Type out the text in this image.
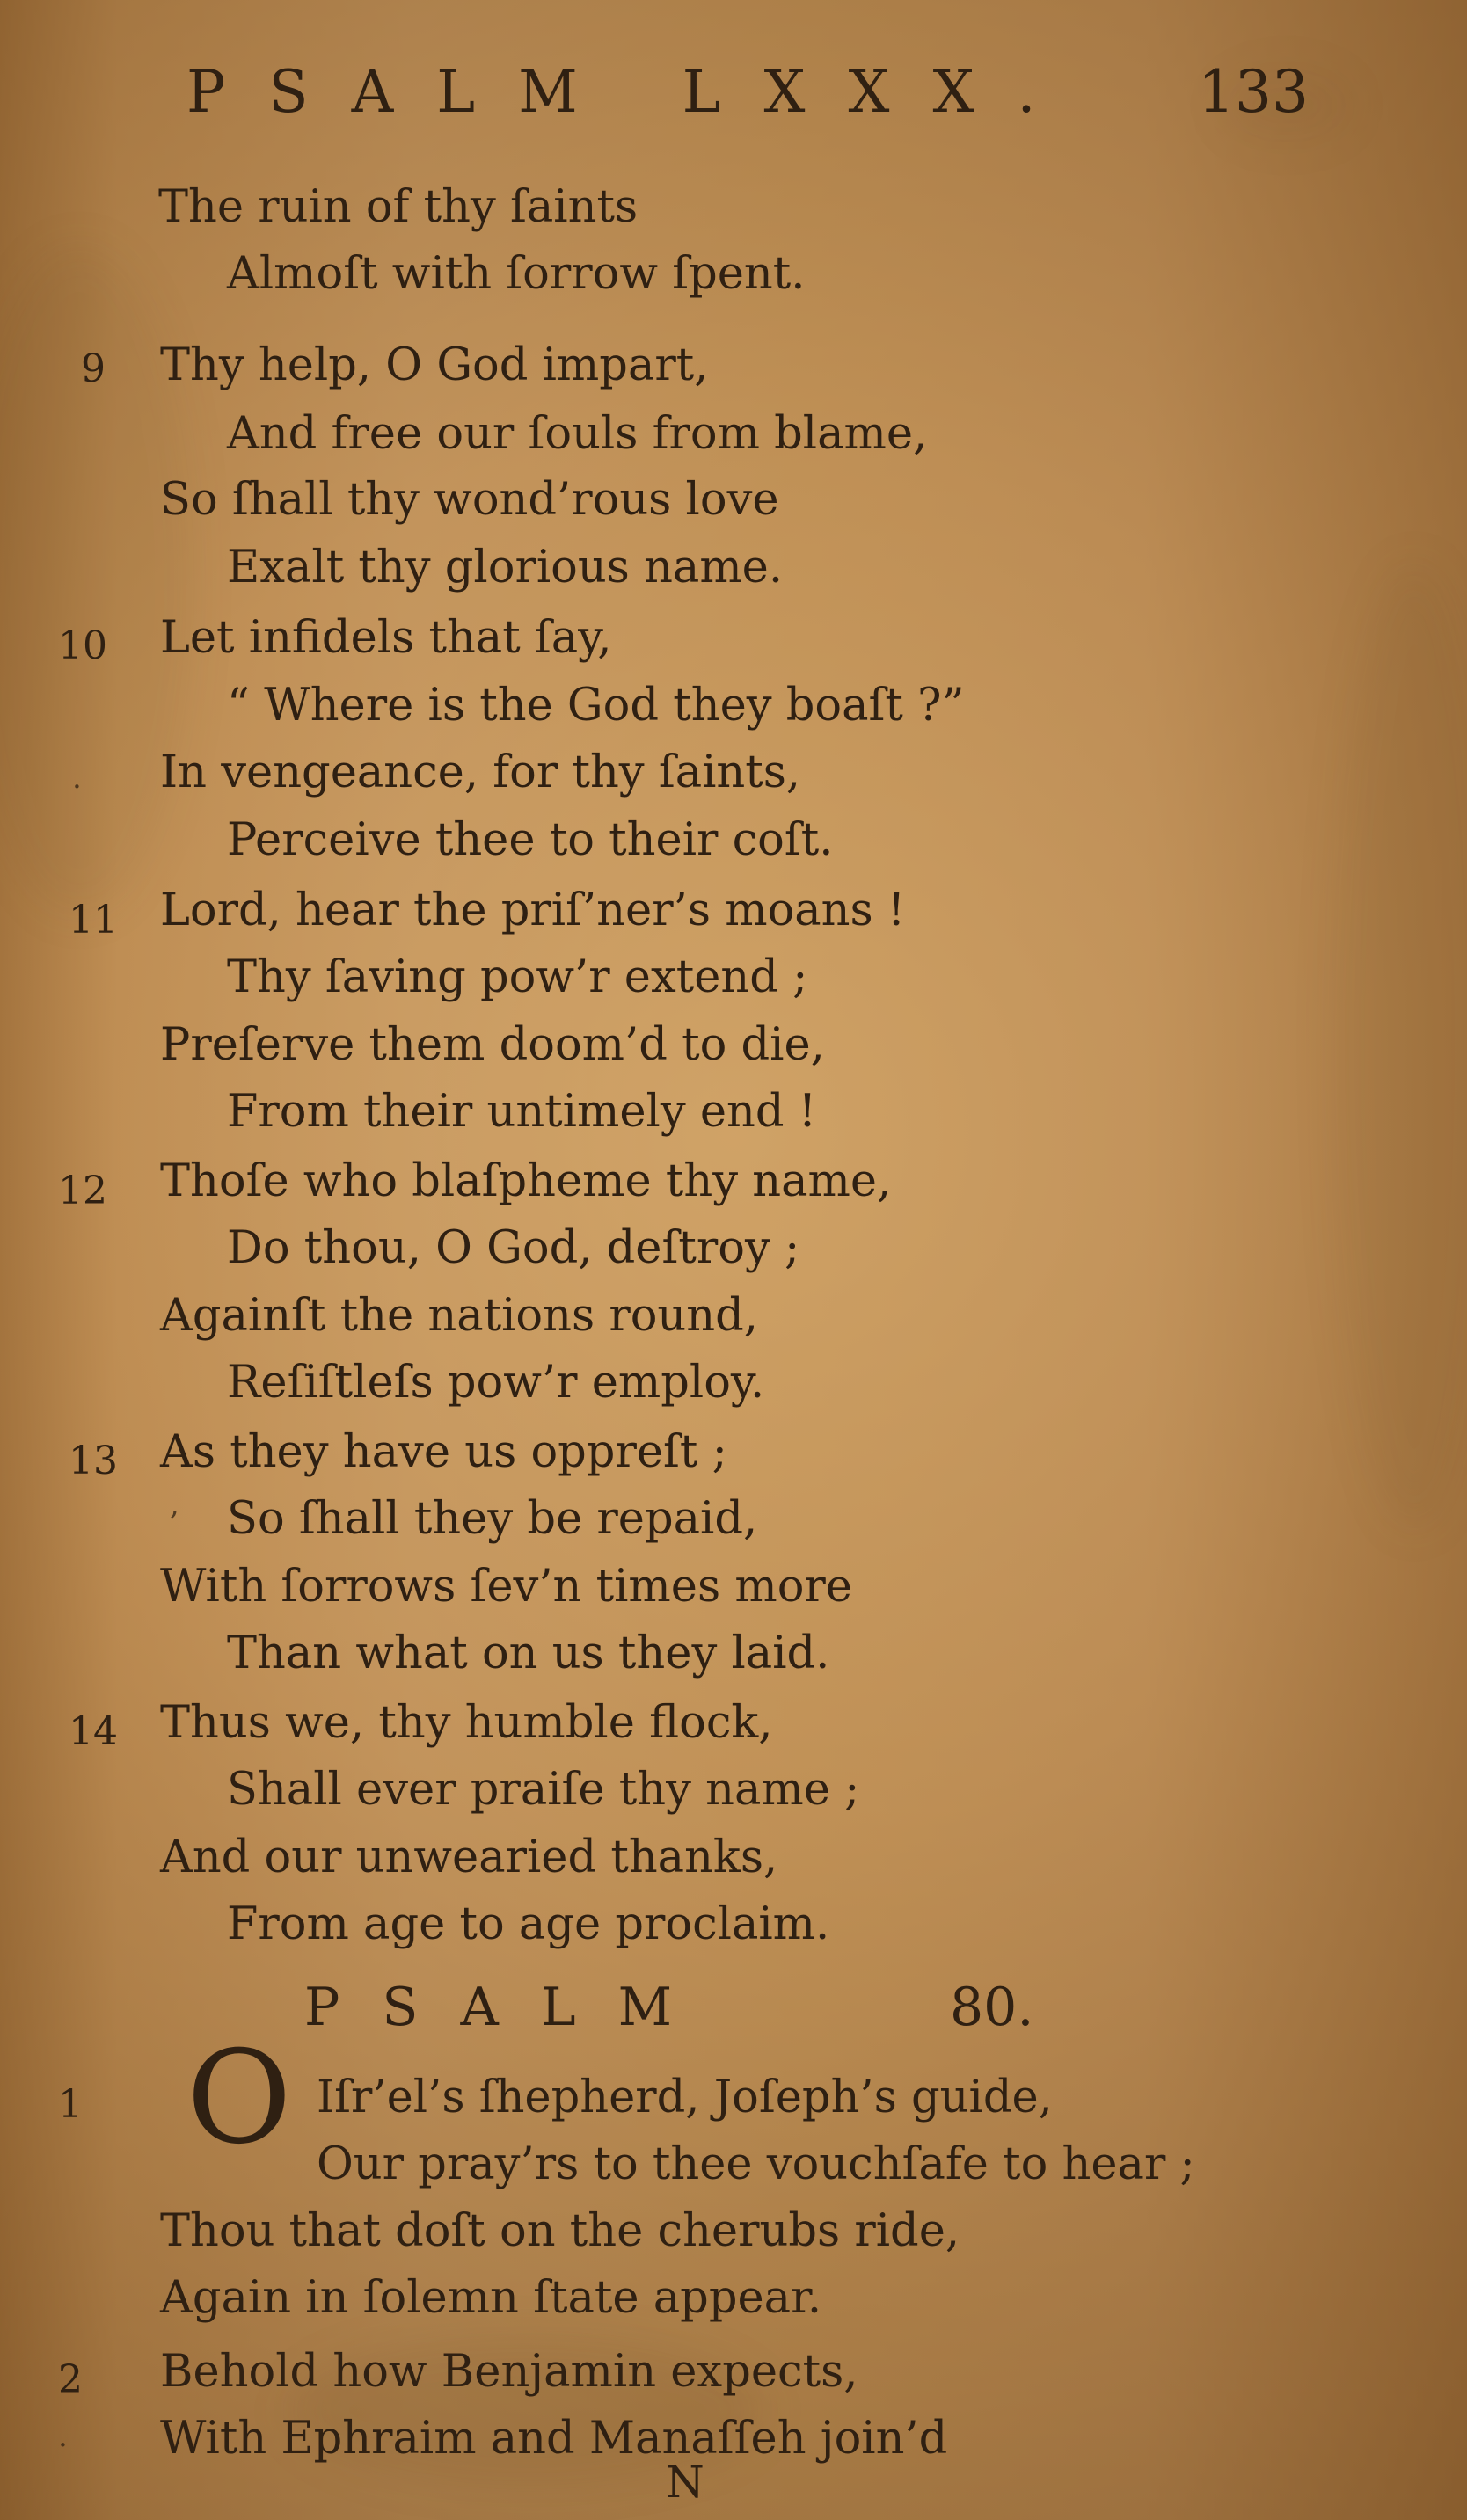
PSALM LXXX. 133
The ruin of thy ſaints
Almoſt with ſorrow ſpent.
9 Thy help, O God impart,
And free our ſouls from blame,
So ſhall thy wond’rous love
Exalt thy glorious name.
10 Let infidels that ſay,
“ Where is the God they boaſt ?”
In vengeance, for thy ſaints,
Perceive thee to their coſt.
11 Lord, hear the priſ’ner’s moans !
Thy ſaving pow’r extend ;
Preſerve them doom’d to die,
From their untimely end !
12 Thoſe who blaſpheme thy name,
Do thou, O God, deſtroy ;
Againſt the nations round,
Reſiſtleſs pow’r employ.
13 As they have us oppreſt ;
So ſhall they be repaid,
With ſorrows ſev’n times more
Than what on us they laid.
14 Thus we, thy humble flock,
Shall ever praiſe thy name ;
And our unwearied thanks,
From age to age proclaim.
PSALM	80.
1 O Iſr’el’s ſhepherd, Joſeph’s guide,
Our pray’rs to thee vouchſafe to hear ;
Thou that doſt on the cherubs ride,
Again in ſolemn ſtate appear.
2 Behold how Benjamin expects,
With Ephraim and Manaſſeh join’d
N
.
,
.
